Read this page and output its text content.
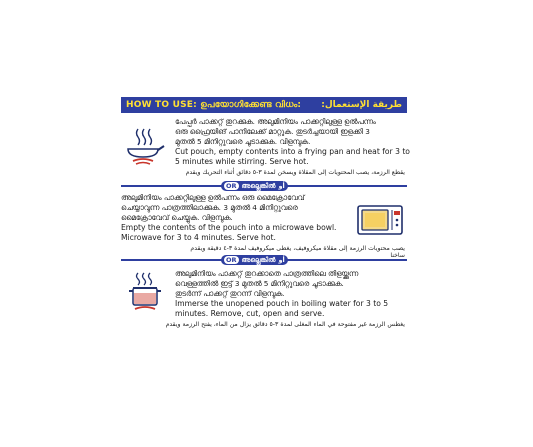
HOW TO USE: ഉപയോഗിക്കേണ്ട വിധം: طريقة الإستعمال:
പേപ്പർ പാക്കറ്റ് തുറക്കുക. അലുമിനിയം പാക്കറ്റിലുള്ള ഉൽപന്നം
ഒരു ഫ്രൈയിങ് പാനിലേക്ക് മാറ്റുക. തുടർച്ചയായി ഇളക്കി 3
മുതൽ 5 മിനിറ്റുവരെ ചൂടാക്കുക. വിളമ്പുക.
Cut pouch, empty contents into a frying pan and heat for 3 to
5 minutes while stirring. Serve hot.
يقطع الرزمة، يصب المحتويات إلى المقلاة ويسخن لمدة ٣-٥ دقائق أثناء التحريك ويقدم
OR അല്ലെങ്കിൽ أو
അലുമിനിയം പാക്കറ്റിലുള്ള ഉൽപന്നം ഒരു മൈക്രോവേവ്
ചെയ്യാവുന്ന പാത്രത്തിലാക്കുക. 3 മുതൽ 4 മിനിറ്റുവരെ
മൈക്രോവേവ് ചെയ്യുക. വിളമ്പുക.
Empty the contents of the pouch into a microwave bowl.
Microwave for 3 to 4 minutes. Serve hot.
يصب محتويات الرزمة إلى مقلاة ميكروفيف، يغطى ميكروفيف لمدة ٣-٤ دقيقة ويقدم
ساخنا
OR അല്ലെങ്കിൽ أو
അലുമിനിയം പാക്കറ്റ് തുറക്കാതെ പാത്രത്തിലെ തിളയ്ക്കുന്ന
വെള്ളത്തിൽ ഇട്ട് 3 മുതൽ 5 മിനിറ്റുവരെ ചൂടാക്കുക.
തുടർന്ന് പാക്കറ്റ് തുറന്ന് വിളമ്പുക.
Immerse the unopened pouch in boiling water for 3 to 5
minutes. Remove, cut, open and serve.
يغطس الرزمة غير مفتوحة في الماء المغلى لمدة ٣-٥ دقائق يزال من الماء، يفتح الرزمة ويقدم
